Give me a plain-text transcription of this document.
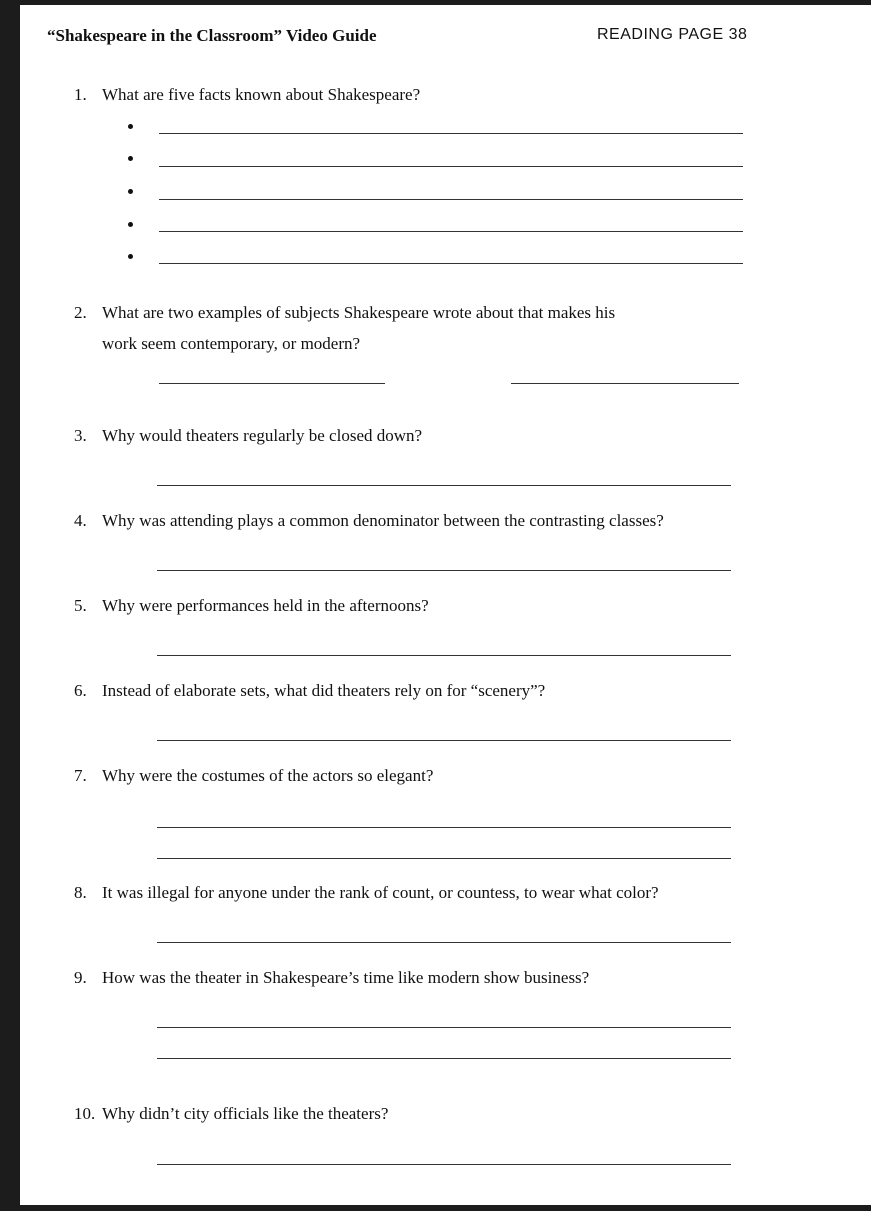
“Shakespeare in the Classroom” Video Guide	READING PAGE 38
1. What are five facts known about Shakespeare?
2. What are two examples of subjects Shakespeare wrote about that makes his
work seem contemporary, or modern?
3. Why would theaters regularly be closed down?
4. Why was attending plays a common denominator between the contrasting classes?
5. Why were performances held in the afternoons?
6. Instead of elaborate sets, what did theaters rely on for “scenery”?
7. Why were the costumes of the actors so elegant?
8. It was illegal for anyone under the rank of count, or countess, to wear what color?
9. How was the theater in Shakespeare’s time like modern show business?
10. Why didn’t city officials like the theaters?
